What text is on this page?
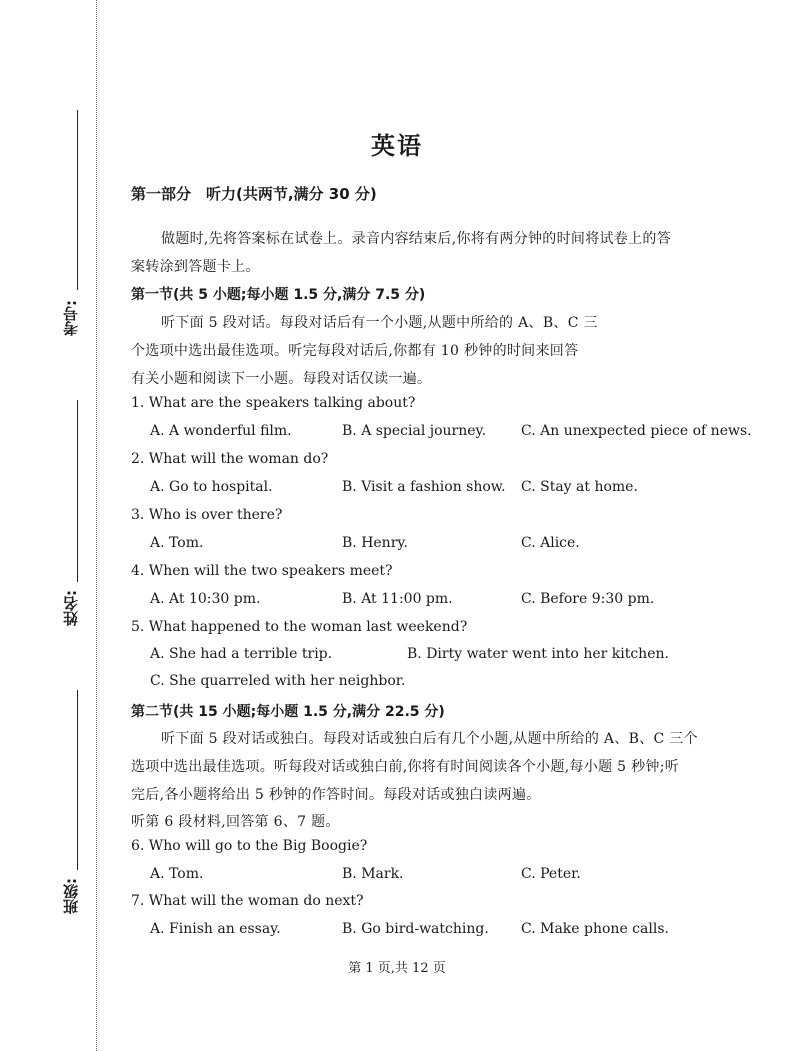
考号:
姓名:
班级:
英语
第一部分　听力(共两节,满分 30 分)
做题时,先将答案标在试卷上。录音内容结束后,你将有两分钟的时间将试卷上的答
案转涂到答题卡上。
第一节(共 5 小题;每小题 1.5 分,满分 7.5 分)
听下面 5 段对话。每段对话后有一个小题,从题中所给的 A、B、C 三
个选项中选出最佳选项。听完每段对话后,你都有 10 秒钟的时间来回答
有关小题和阅读下一小题。每段对话仅读一遍。
1. What are the speakers talking about?
A. A wonderful film.	B. A special journey. C. An unexpected piece of news.
2. What will the woman do?
A. Go to hospital.	B. Visit a fashion show. C. Stay at home.
3. Who is over there?
A. Tom.	B. Henry.	C. Alice.
4. When will the two speakers meet?
A. At 10:30 pm.	B. At 11:00 pm.	C. Before 9:30 pm.
5. What happened to the woman last weekend?
A. She had a terrible trip.	B. Dirty water went into her kitchen.
C. She quarreled with her neighbor.
第二节(共 15 小题;每小题 1.5 分,满分 22.5 分)
听下面 5 段对话或独白。每段对话或独白后有几个小题,从题中所给的 A、B、C 三个
选项中选出最佳选项。听每段对话或独白前,你将有时间阅读各个小题,每小题 5 秒钟;听
完后,各小题将给出 5 秒钟的作答时间。每段对话或独白读两遍。
听第 6 段材料,回答第 6、7 题。
6. Who will go to the Big Boogie?
A. Tom.	B. Mark.	C. Peter.
7. What will the woman do next?
A. Finish an essay.	B. Go bird-watching. C. Make phone calls.
第 1 页,共 12 页
